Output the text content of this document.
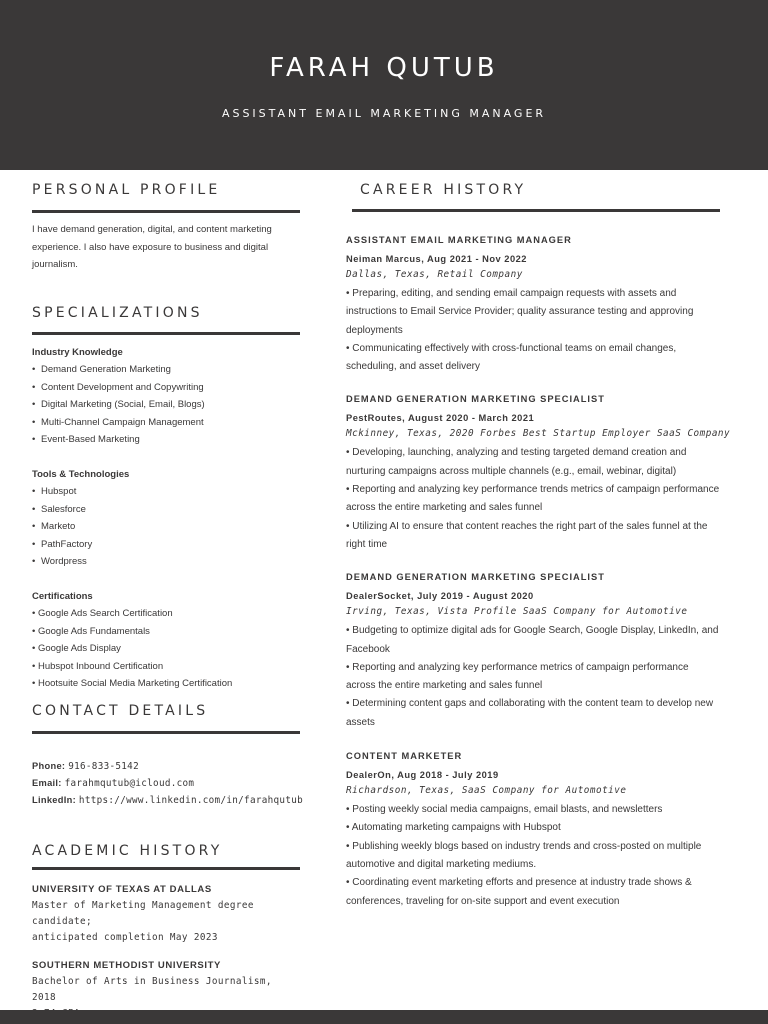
FARAH QUTUB
ASSISTANT EMAIL MARKETING MANAGER
PERSONAL PROFILE

I have demand generation, digital, and content marketing experience. I also have exposure to business and digital journalism.

SPECIALIZATIONS
Industry Knowledge
• Demand Generation Marketing
• Content Development and Copywriting
• Digital Marketing (Social, Email, Blogs)
• Multi-Channel Campaign Management
• Event-Based Marketing
Tools & Technologies
• Hubspot
• Salesforce
• Marketo
• PathFactory
• Wordpress
Certifications
• Google Ads Search Certification
• Google Ads Fundamentals
• Google Ads Display
• Hubspot Inbound Certification
• Hootsuite Social Media Marketing Certification
CONTACT DETAILS
Phone: 916-833-5142
Email: farahmqutub@icloud.com
LinkedIn: https://www.linkedin.com/in/farahqutub
ACADEMIC HISTORY
UNIVERSITY OF TEXAS AT DALLAS
Master of Marketing Management degree candidate;
anticipated completion May 2023
SOUTHERN METHODIST UNIVERSITY
Bachelor of Arts in Business Journalism, 2018
CAREER HISTORY
ASSISTANT EMAIL MARKETING MANAGER
Neiman Marcus, Aug 2021 - Nov 2022
Dallas, Texas, Retail Company

• Preparing, editing, and sending email campaign requests with assets and instructions to Email Service Provider; quality assurance testing and approving deployments

• Communicating effectively with cross-functional teams on email changes, scheduling, and asset delivery

DEMAND GENERATION MARKETING SPECIALIST
PestRoutes, August 2020 - March 2021
Mckinney, Texas, 2020 Forbes Best Startup Employer SaaS Company

• Developing, launching, analyzing and testing targeted demand creation and nurturing campaigns across multiple channels (e.g., email, webinar, digital)

• Reporting and analyzing key performance trends metrics of campaign performance across the entire marketing and sales funnel

• Utilizing AI to ensure that content reaches the right part of the sales funnel at the right time

DEMAND GENERATION MARKETING SPECIALIST
DealerSocket, July 2019 - August 2020
Irving, Texas, Vista Profile SaaS Company for Automotive

• Budgeting to optimize digital ads for Google Search, Google Display, LinkedIn, and Facebook

• Reporting and analyzing key performance metrics of campaign performance across the entire marketing and sales funnel

• Determining content gaps and collaborating with the content team to develop new assets

CONTENT MARKETER
DealerOn, Aug 2018 - July 2019
Richardson, Texas, SaaS Company for Automotive

• Posting weekly social media campaigns, email blasts, and newsletters

• Automating marketing campaigns with Hubspot

• Publishing weekly blogs based on industry trends and cross-posted on multiple automotive and digital marketing mediums.

• Coordinating event marketing efforts and presence at industry trade shows & conferences, traveling for on-site support and event execution
